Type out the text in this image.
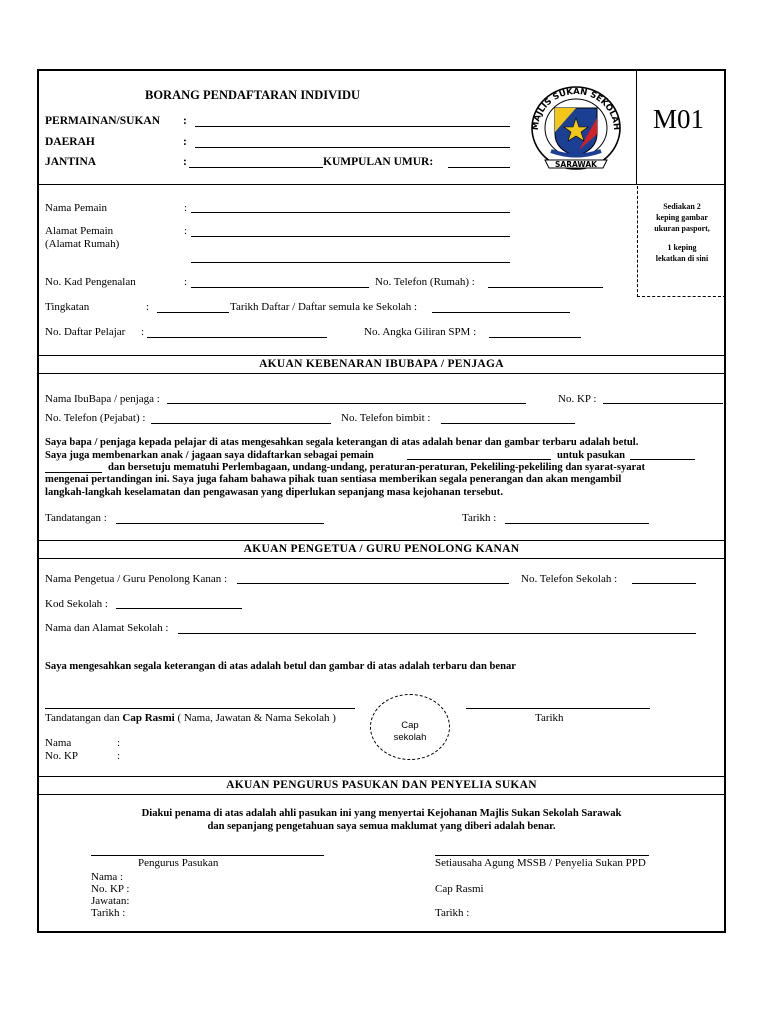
BORANG PENDAFTARAN INDIVIDU
PERMAINAN/SUKAN :
DAERAH	:
JANTINA	:	KUMPULAN UMUR:
MAJLIS SUKAN SEKOLAH
SARAWAK
M01
Nama Pemain	:
Alamat Pemain
(Alamat Rumah)
:
No. Kad Pengenalan	:	No. Telefon (Rumah) :
Tingkatan	:	Tarikh Daftar / Daftar semula ke Sekolah :
No. Daftar Pelajar :	No. Angka Giliran SPM :
Sediakan 2
keping gambar
ukuran pasport,
1 keping
lekatkan di sini
AKUAN KEBENARAN IBUBAPA / PENJAGA
Nama IbuBapa / penjaga :	No. KP :
No. Telefon (Pejabat) :	No. Telefon bimbit :
Saya bapa / penjaga kepada pelajar di atas mengesahkan segala keterangan di atas adalah benar dan gambar terbaru adalah betul.
Saya juga membenarkan anak / jagaan saya didaftarkan sebagai pemain	untuk pasukan
dan bersetuju mematuhi Perlembagaan, undang-undang, peraturan-peraturan, Pekeliling-pekeliling dan syarat-syarat
mengenai pertandingan ini. Saya juga faham bahawa pihak tuan sentiasa memberikan segala penerangan dan akan mengambil
langkah-langkah keselamatan dan pengawasan yang diperlukan sepanjang masa kejohanan tersebut.
Tandatangan :	Tarikh :
AKUAN PENGETUA / GURU PENOLONG KANAN
Nama Pengetua / Guru Penolong Kanan :	No. Telefon Sekolah :
Kod Sekolah :
Nama dan Alamat Sekolah :
Saya mengesahkan segala keterangan di atas adalah betul dan gambar di atas adalah terbaru dan benar
Tandatangan dan Cap Rasmi ( Nama, Jawatan & Nama Sekolah )
Cap
sekolah
Tarikh
Nama	:
No. KP	:
AKUAN PENGURUS PASUKAN DAN PENYELIA SUKAN
Diakui penama di atas adalah ahli pasukan ini yang menyertai Kejohanan Majlis Sukan Sekolah Sarawak
dan sepanjang pengetahuan saya semua maklumat yang diberi adalah benar.
Pengurus Pasukan
Nama :
No. KP :
Jawatan:
Tarikh :
Setiausaha Agung MSSB / Penyelia Sukan PPD
Cap Rasmi
Tarikh :
